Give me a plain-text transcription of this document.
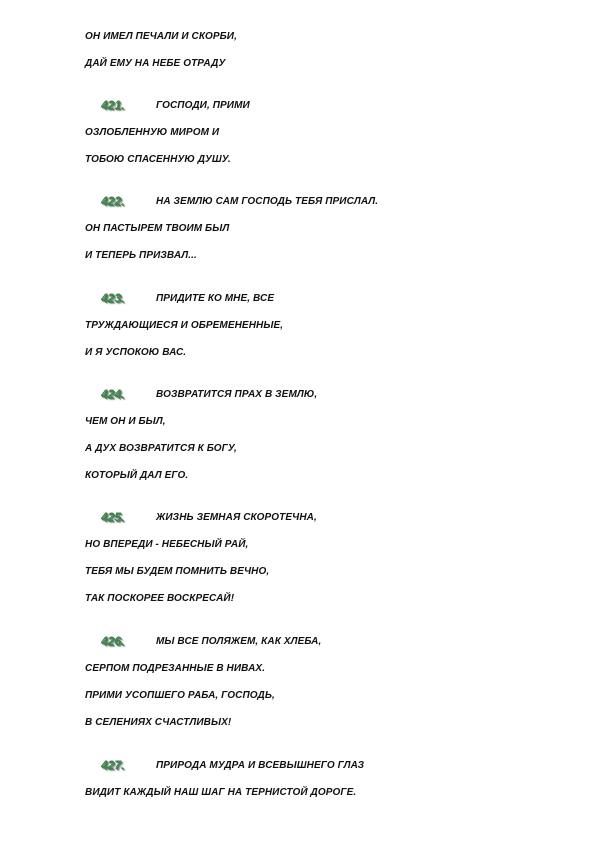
ОН ИМЕЛ ПЕЧАЛИ И СКОРБИ,
ДАЙ ЕМУ НА НЕБЕ ОТРАДУ
421.	ГОСПОДИ, ПРИМИ
ОЗЛОБЛЕННУЮ МИРОМ И
ТОБОЮ СПАСЕННУЮ ДУШУ.
422.	НА ЗЕМЛЮ САМ ГОСПОДЬ ТЕБЯ ПРИСЛАЛ.
ОН ПАСТЫРЕМ ТВОИМ БЫЛ
И ТЕПЕРЬ ПРИЗВАЛ...
423.	ПРИДИТЕ КО МНЕ, ВСЕ
ТРУЖДАЮЩИЕСЯ И ОБРЕМЕНЕННЫЕ,
И Я УСПОКОЮ ВАС.
424.	ВОЗВРАТИТСЯ ПРАХ В ЗЕМЛЮ,
ЧЕМ ОН И БЫЛ,
А ДУХ ВОЗВРАТИТСЯ К БОГУ,
КОТОРЫЙ ДАЛ ЕГО.
425.	ЖИЗНЬ ЗЕМНАЯ СКОРОТЕЧНА,
НО ВПЕРЕДИ - НЕБЕСНЫЙ РАЙ,
ТЕБЯ МЫ БУДЕМ ПОМНИТЬ ВЕЧНО,
ТАК ПОСКОРЕЕ ВОСКРЕСАЙ!
426.	МЫ ВСЕ ПОЛЯЖЕМ, КАК ХЛЕБА,
СЕРПОМ ПОДРЕЗАННЫЕ В НИВАХ.
ПРИМИ УСОПШЕГО РАБА, ГОСПОДЬ,
В СЕЛЕНИЯХ СЧАСТЛИВЫХ!
427.	ПРИРОДА МУДРА И ВСЕВЫШНЕГО ГЛАЗ
ВИДИТ КАЖДЫЙ НАШ ШАГ НА ТЕРНИСТОЙ ДОРОГЕ.
